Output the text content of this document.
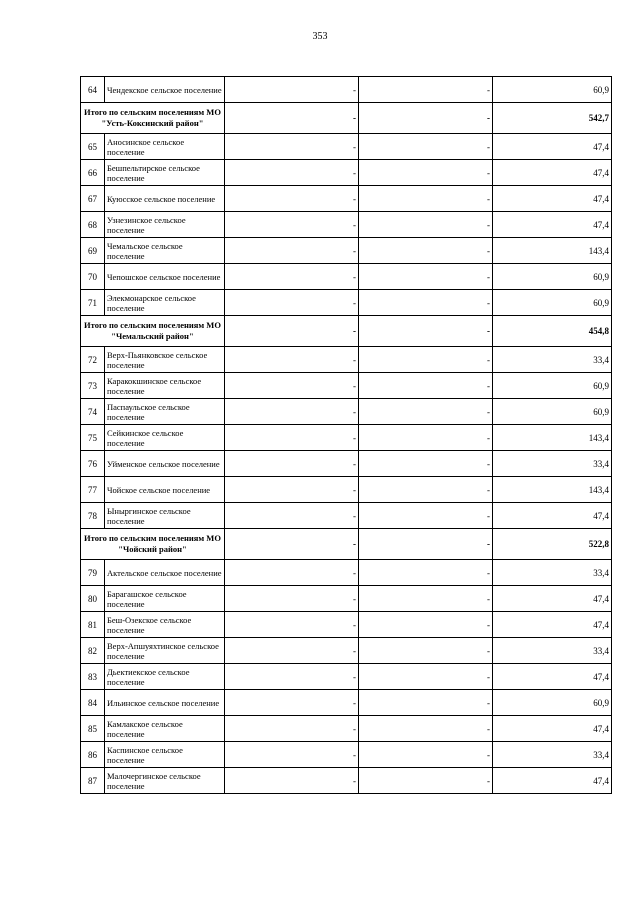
353
64	Чендекское сельское поселение	-	-	60,9
Итого по сельским поселениям МО "Усть-Коксинский район"		-	-	542,7
65	Аносинское сельское поселение	-	-	47,4
66	Бешпельтирское сельское поселение	-	-	47,4
67	Куюсское сельское поселение	-	-	47,4
68	Узнезинское сельское поселение	-	-	47,4
69	Чемальское сельское поселение	-	-	143,4
70	Чепошское сельское поселение	-	-	60,9
71	Элекмонарское сельское поселение	-	-	60,9
Итого по сельским поселениям МО "Чемальский район"		-	-	454,8
72	Верх-Пьянковское сельское поселение	-	-	33,4
73	Каракокшинское сельское поселение	-	-	60,9
74	Паспаульское сельское поселение	-	-	60,9
75	Сейкинское сельское поселение	-	-	143,4
76	Уйменское сельское поселение	-	-	33,4
77	Чойское сельское поселение	-	-	143,4
78	Ыныргинское сельское поселение	-	-	47,4
Итого по сельским поселениям МО "Чойский район"		-	-	522,8
79	Актельское сельское поселение	-	-	33,4
80	Барагашское сельское поселение	-	-	47,4
81	Беш-Озекское сельское поселение	-	-	47,4
82	Верх-Апшуяхтинское сельское поселение	-	-	33,4
83	Дьектиекское сельское поселение	-	-	47,4
84	Ильинское сельское поселение	-	-	60,9
85	Камлакское сельское поселение	-	-	47,4
86	Каспинское сельское поселение	-	-	33,4
87	Малочергинское сельское поселение	-	-	47,4
